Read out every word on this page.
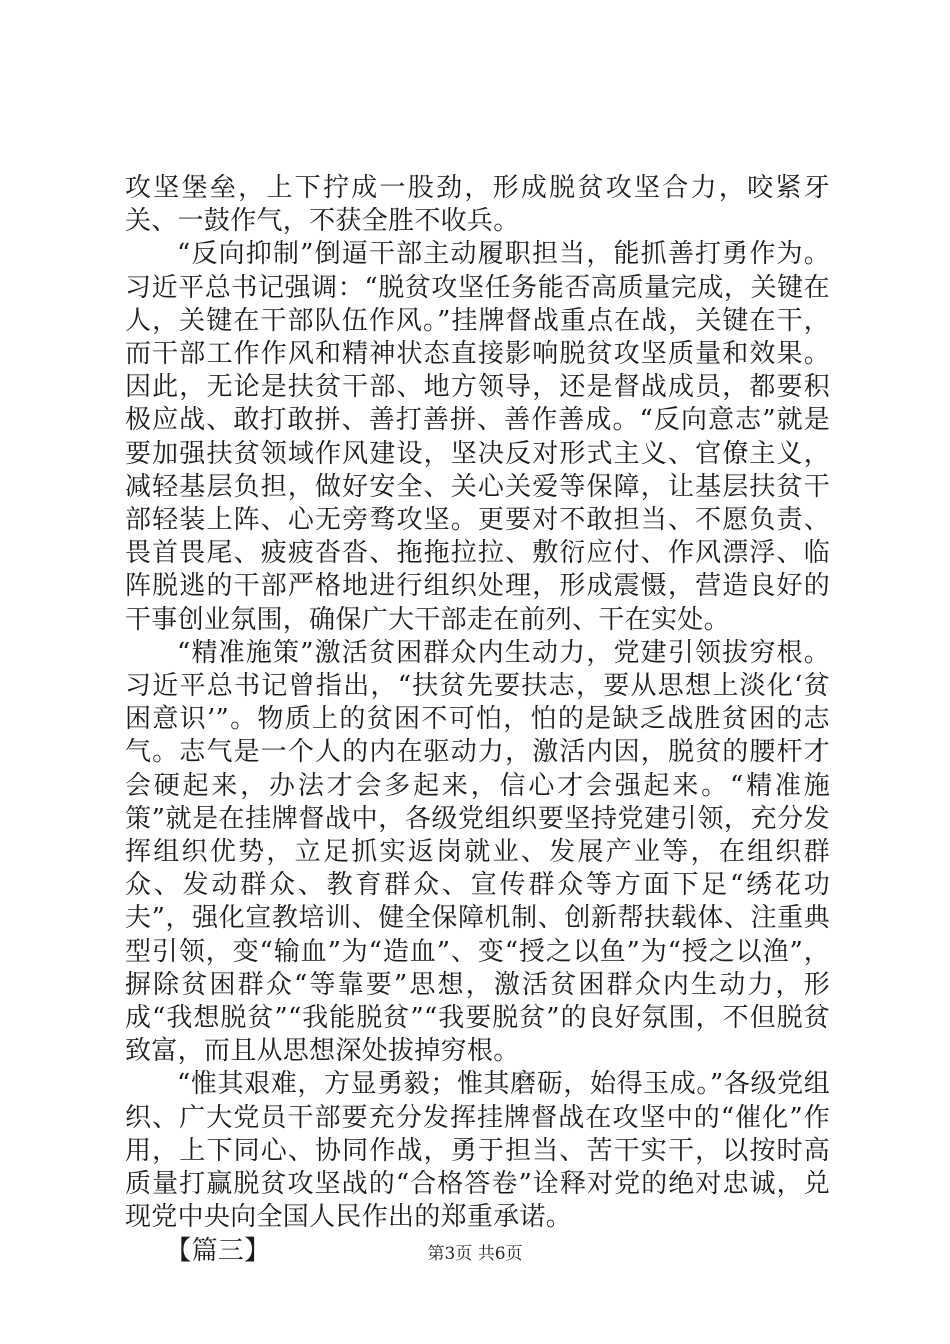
攻坚堡垒，上下拧成一股劲，形成脱贫攻坚合力，咬紧牙关、一鼓作气，不获全胜不收兵。

“反向抑制”倒逼干部主动履职担当，能抓善打勇作为。习近平总书记强调：“脱贫攻坚任务能否高质量完成，关键在人，关键在干部队伍作风。”挂牌督战重点在战，关键在干，而干部工作作风和精神状态直接影响脱贫攻坚质量和效果。因此，无论是扶贫干部、地方领导，还是督战成员，都要积极应战、敢打敢拼、善打善拼、善作善成。“反向意志”就是要加强扶贫领域作风建设，坚决反对形式主义、官僚主义，减轻基层负担，做好安全、关心关爱等保障，让基层扶贫干部轻装上阵、心无旁骛攻坚。更要对不敢担当、不愿负责、畏首畏尾、疲疲沓沓、拖拖拉拉、敷衍应付、作风漂浮、临阵脱逃的干部严格地进行组织处理，形成震慑，营造良好的干事创业氛围，确保广大干部走在前列、干在实处。

“精准施策”激活贫困群众内生动力，党建引领拔穷根。习近平总书记曾指出，“扶贫先要扶志，要从思想上淡化‘贫困意识’”。物质上的贫困不可怕，怕的是缺乏战胜贫困的志气。志气是一个人的内在驱动力，激活内因，脱贫的腰杆才会硬起来，办法才会多起来，信心才会强起来。“精准施策”就是在挂牌督战中，各级党组织要坚持党建引领，充分发挥组织优势，立足抓实返岗就业、发展产业等，在组织群众、发动群众、教育群众、宣传群众等方面下足“绣花功夫”，强化宣教培训、健全保障机制、创新帮扶载体、注重典型引领，变“输血”为“造血”、变“授之以鱼”为“授之以渔”，摒除贫困群众“等靠要”思想，激活贫困群众内生动力，形成“我想脱贫”“我能脱贫”“我要脱贫”的良好氛围，不但脱贫致富，而且从思想深处拔掉穷根。

“惟其艰难，方显勇毅；惟其磨砺，始得玉成。”各级党组织、广大党员干部要充分发挥挂牌督战在攻坚中的“催化”作用，上下同心、协同作战，勇于担当、苦干实干，以按时高质量打赢脱贫攻坚战的“合格答卷”诠释对党的绝对忠诚，兑现党中央向全国人民作出的郑重承诺。

【篇三】	第3页 共6页
